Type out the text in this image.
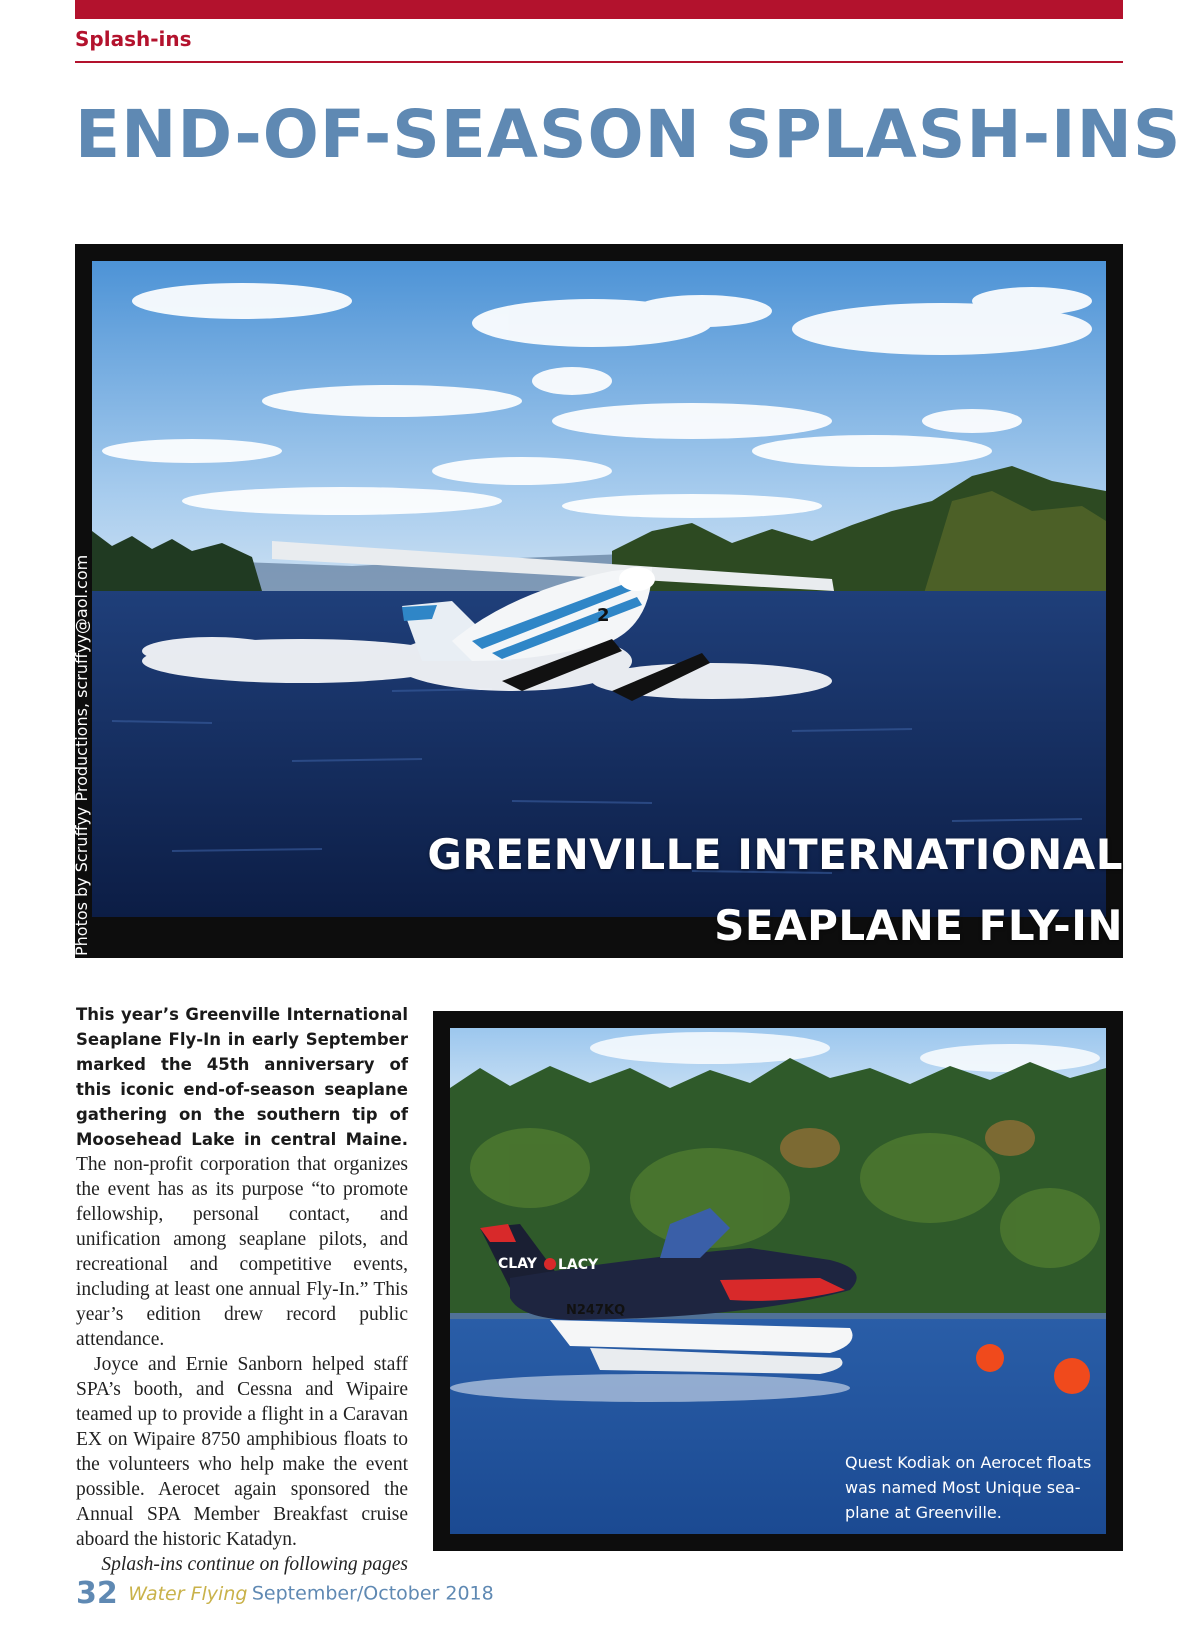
Splash-ins
END-OF-SEASON SPLASH-INS
2
Photos by Scruffyy Productions, scruffyy@aol.com	GREENVILLE INTERNATIONAL
SEAPLANE FLY-IN

This year’s Greenville International Seaplane Fly-In in early September marked the 45th anniversary of this iconic end-of-season seaplane gathering on the southern tip of Moosehead Lake in central Maine. The non-profit corporation that organizes the event has as its purpose “to promote fellowship, personal contact, and unification among seaplane pilots, and recreational and competitive events, including at least one annual Fly-In.” This year’s edition drew record public attendance.

Joyce and Ernie Sanborn helped staff SPA’s booth, and Cessna and Wipaire teamed up to provide a flight in a Caravan EX on Wipaire 8750 amphibious floats to the volunteers who help make the event possible. Aerocet again sponsored the Annual SPA Member Breakfast cruise aboard the historic Katadyn.

Splash-ins continue on following pages
CLAY LACY
N247KQ
Quest Kodiak on Aerocet floats was named Most Unique sea-plane at Greenville.
32 Water Flying September/October 2018
